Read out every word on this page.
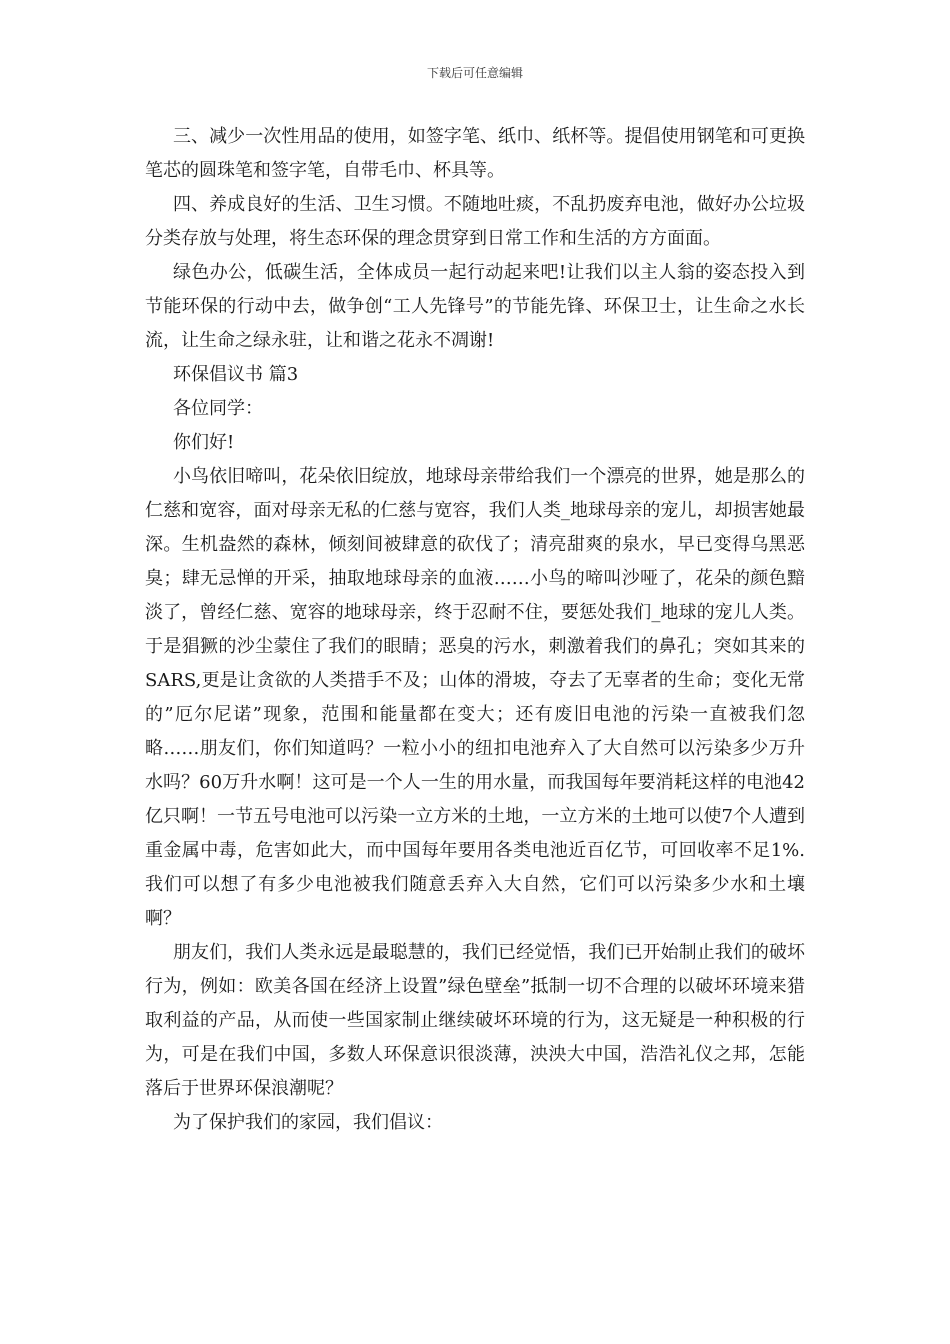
下载后可任意编辑

三、减少一次性用品的使用，如签字笔、纸巾、纸杯等。提倡使用钢笔和可更换笔芯的圆珠笔和签字笔，自带毛巾、杯具等。

四、养成良好的生活、卫生习惯。不随地吐痰，不乱扔废弃电池，做好办公垃圾分类存放与处理，将生态环保的理念贯穿到日常工作和生活的方方面面。

绿色办公，低碳生活，全体成员一起行动起来吧!让我们以主人翁的姿态投入到节能环保的行动中去，做争创“工人先锋号”的节能先锋、环保卫士，让生命之水长流，让生命之绿永驻，让和谐之花永不凋谢!

环保倡议书 篇3

各位同学：

你们好!

小鸟依旧啼叫，花朵依旧绽放，地球母亲带给我们一个漂亮的世界，她是那么的仁慈和宽容，面对母亲无私的仁慈与宽容，我们人类_地球母亲的宠儿，却损害她最深。生机盎然的森林，倾刻间被肆意的砍伐了；清亮甜爽的泉水，早已变得乌黑恶臭；肆无忌惮的开采，抽取地球母亲的血液……小鸟的啼叫沙哑了，花朵的颜色黯淡了，曾经仁慈、宽容的地球母亲，终于忍耐不住，要惩处我们_地球的宠儿人类。于是猖獗的沙尘蒙住了我们的眼睛；恶臭的污水，刺激着我们的鼻孔；突如其来的SARS,更是让贪欲的人类措手不及；山体的滑坡，夺去了无辜者的生命；变化无常的”厄尔尼诺”现象，范围和能量都在变大；还有废旧电池的污染一直被我们忽略……朋友们，你们知道吗？一粒小小的纽扣电池弃入了大自然可以污染多少万升水吗？60万升水啊！这可是一个人一生的用水量，而我国每年要消耗这样的电池42亿只啊！一节五号电池可以污染一立方米的土地，一立方米的土地可以使7个人遭到重金属中毒，危害如此大，而中国每年要用各类电池近百亿节，可回收率不足1%.我们可以想了有多少电池被我们随意丢弃入大自然，它们可以污染多少水和土壤啊？

朋友们，我们人类永远是最聪慧的，我们已经觉悟，我们已开始制止我们的破坏行为，例如：欧美各国在经济上设置”绿色壁垒”抵制一切不合理的以破坏环境来猎取利益的产品，从而使一些国家制止继续破坏环境的行为，这无疑是一种积极的行为，可是在我们中国，多数人环保意识很淡薄，泱泱大中国，浩浩礼仪之邦，怎能落后于世界环保浪潮呢？

为了保护我们的家园，我们倡议：
